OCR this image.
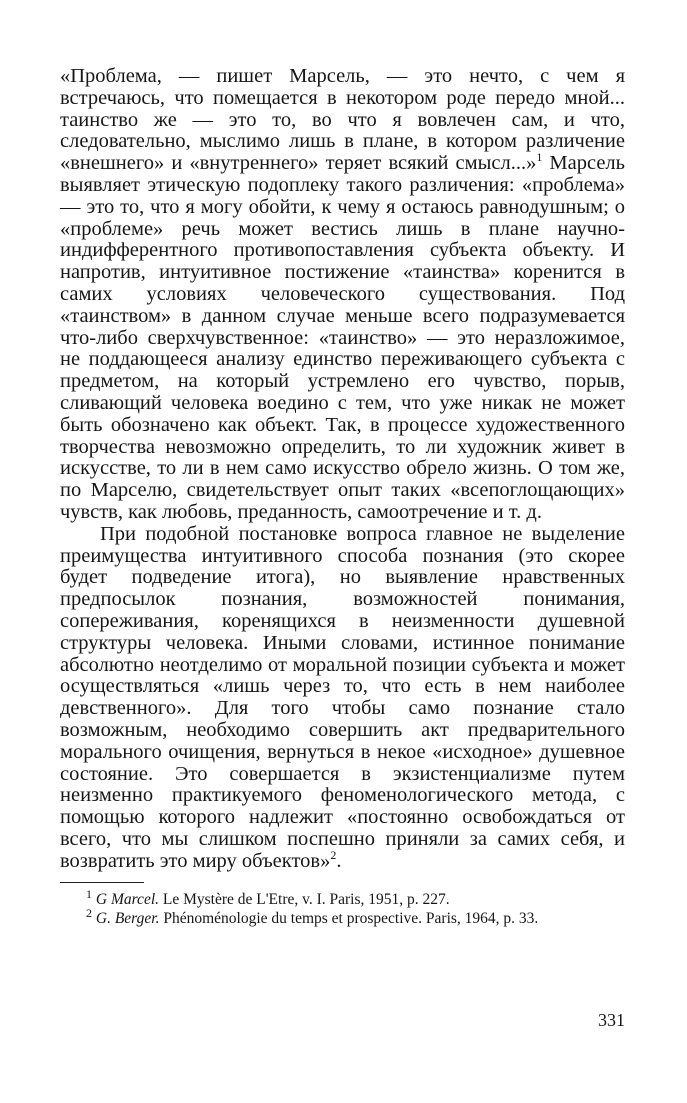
«Проблема, — пишет Марсель, — это нечто, с чем я встречаюсь, что помещается в некотором роде передо мной... таинство же — это то, во что я вовлечен сам, и что, следовательно, мыслимо лишь в плане, в котором различение «внешнего» и «внутреннего» теряет всякий смысл...»$^1$ Марсель выявляет этическую подоплеку такого различения: «проблема» — это то, что я могу обойти, к чему я остаюсь равнодушным; о «проблеме» речь может вестись лишь в плане научно-индифферентного противопоставления субъекта объекту. И напротив, интуитивное постижение «таинства» коренится в самих условиях человеческого существования. Под «таинством» в данном случае меньше всего подразумевается что-либо сверхчувственное: «таинство» — это неразложимое, не поддающееся анализу единство переживающего субъекта с предметом, на который устремлено его чувство, порыв, сливающий человека воедино с тем, что уже никак не может быть обозначено как объект. Так, в процессе художественного творчества невозможно определить, то ли художник живет в искусстве, то ли в нем само искусство обрело жизнь. О том же, по Марселю, свидетельствует опыт таких «всепоглощающих» чувств, как любовь, преданность, самоотречение и т. д.

При подобной постановке вопроса главное не выделение преимущества интуитивного способа познания (это скорее будет подведение итога), но выявление нравственных предпосылок познания, возможностей понимания, сопереживания, коренящихся в неизменности душевной структуры человека. Иными словами, истинное понимание абсолютно неотделимо от моральной позиции субъекта и может осуществляться «лишь через то, что есть в нем наиболее девственного». Для того чтобы само познание стало возможным, необходимо совершить акт предварительного морального очищения, вернуться в некое «исходное» душевное состояние. Это совершается в экзистенциализме путем неизменно практикуемого феноменологического метода, с помощью которого надлежит «постоянно освобождаться от всего, что мы слишком поспешно приняли за самих себя, и возвратить это миру объектов»$^2$.

$^1$ G Marcel. Le Mystère de L'Etre, v. I. Paris, 1951, p. 227.

$^2$ G. Berger. Phénoménologie du temps et prospective. Paris, 1964, p. 33.

331
